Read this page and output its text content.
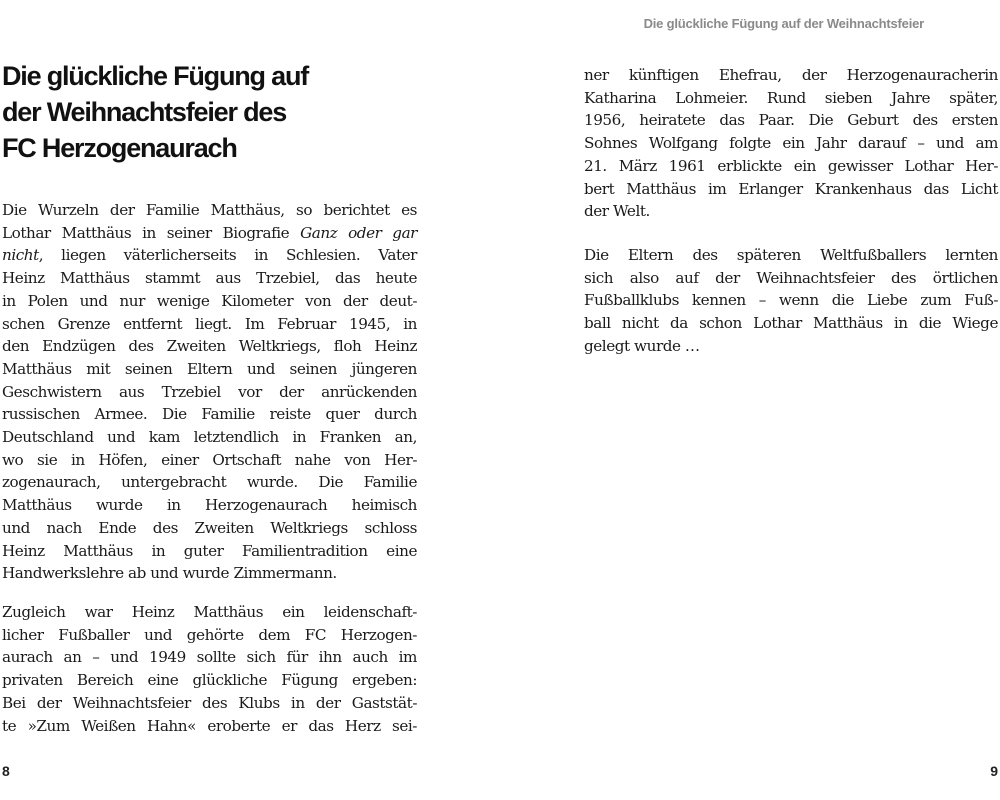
Die glückliche Fügung auf
der Weihnachtsfeier des
FC Herzogenaurach
Die Wurzeln der Familie Matthäus, so berichtet es
Lothar Matthäus in seiner Biografie Ganz oder gar
nicht, liegen väterlicherseits in Schlesien. Vater
Heinz Matthäus stammt aus Trzebiel, das heute
in Polen und nur wenige Kilometer von der deut-
schen Grenze entfernt liegt. Im Februar 1945, in
den Endzügen des Zweiten Weltkriegs, floh Heinz
Matthäus mit seinen Eltern und seinen jüngeren
Geschwistern aus Trzebiel vor der anrückenden
russischen Armee. Die Familie reiste quer durch
Deutschland und kam letztendlich in Franken an,
wo sie in Höfen, einer Ortschaft nahe von Her-
zogenaurach, untergebracht wurde. Die Familie
Matthäus wurde in Herzogenaurach heimisch
und nach Ende des Zweiten Weltkriegs schloss
Heinz Matthäus in guter Familientradition eine
Handwerkslehre ab und wurde Zimmermann.
Zugleich war Heinz Matthäus ein leidenschaft-
licher Fußballer und gehörte dem FC Herzogen-
aurach an – und 1949 sollte sich für ihn auch im
privaten Bereich eine glückliche Fügung ergeben:
Bei der Weihnachtsfeier des Klubs in der Gaststät-
te »Zum Weißen Hahn« eroberte er das Herz sei-
8
Die glückliche Fügung auf der Weihnachtsfeier
ner künftigen Ehefrau, der Herzogenauracherin
Katharina Lohmeier. Rund sieben Jahre später,
1956, heiratete das Paar. Die Geburt des ersten
Sohnes Wolfgang folgte ein Jahr darauf – und am
21. März 1961 erblickte ein gewisser Lothar Her-
bert Matthäus im Erlanger Krankenhaus das Licht
der Welt.
Die Eltern des späteren Weltfußballers lernten
sich also auf der Weihnachtsfeier des örtlichen
Fußballklubs kennen – wenn die Liebe zum Fuß-
ball nicht da schon Lothar Matthäus in die Wiege
gelegt wurde …
9
